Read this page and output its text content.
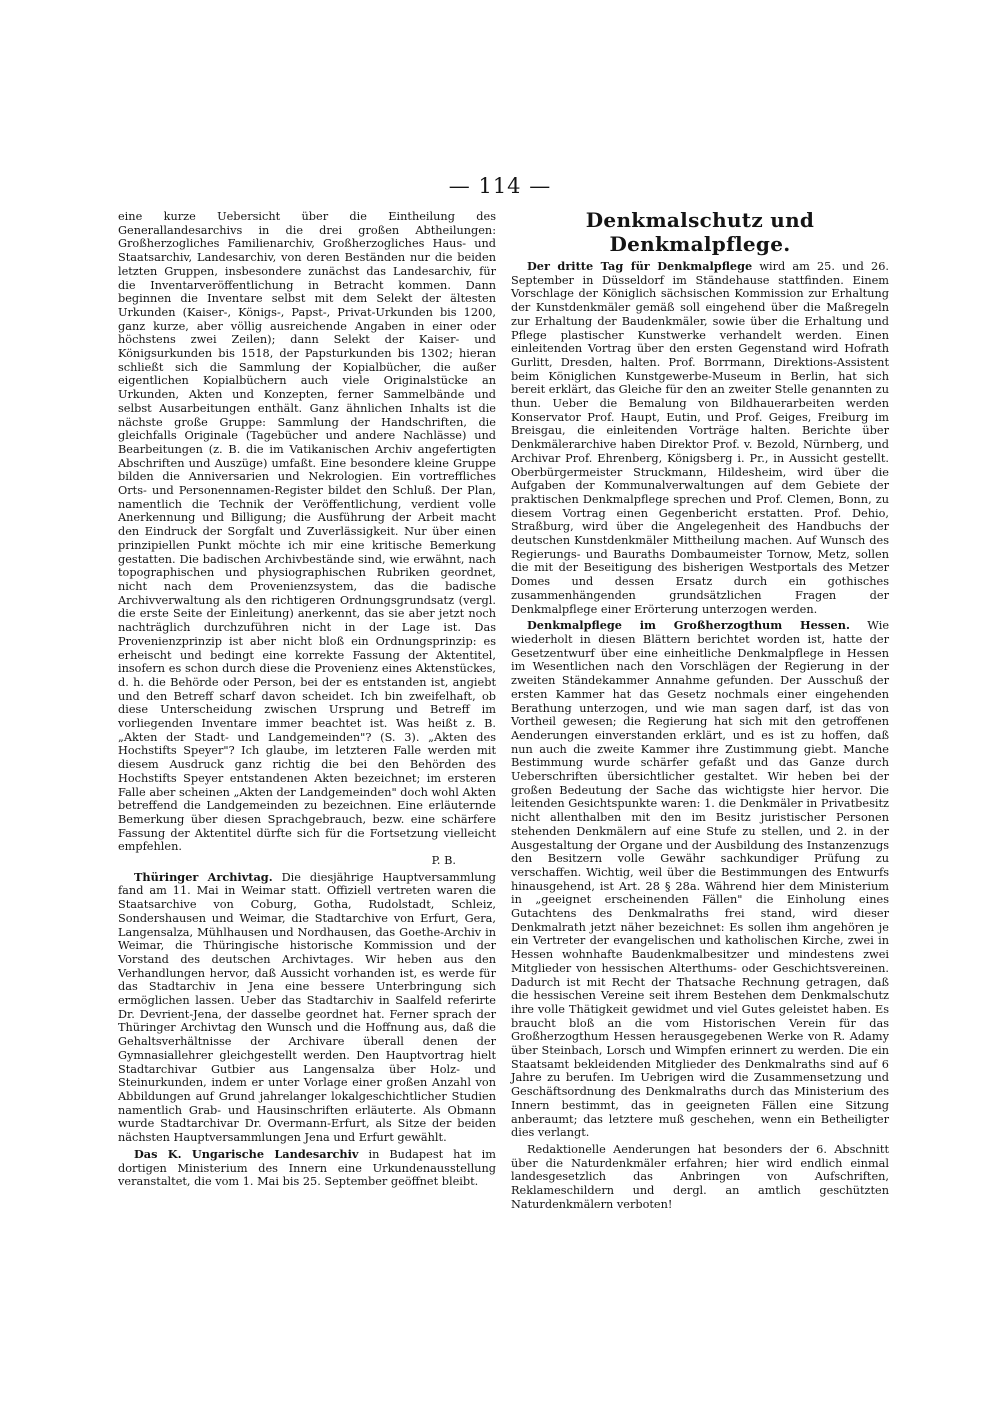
— 114 —

eine kurze Uebersicht über die Eintheilung des Generallandesarchivs in die drei großen Abtheilungen: Großherzogliches Familienarchiv, Großherzogliches Haus- und Staatsarchiv, Landesarchiv, von deren Beständen nur die beiden letzten Gruppen, insbesondere zunächst das Landesarchiv, für die Inventarveröffentlichung in Betracht kommen. Dann beginnen die Inventare selbst mit dem Selekt der ältesten Urkunden (Kaiser-, Königs-, Papst-, Privat-Urkunden bis 1200, ganz kurze, aber völlig ausreichende Angaben in einer oder höchstens zwei Zeilen); dann Selekt der Kaiser- und Königsurkunden bis 1518, der Papsturkunden bis 1302; hieran schließt sich die Sammlung der Kopialbücher, die außer eigentlichen Kopialbüchern auch viele Originalstücke an Urkunden, Akten und Konzepten, ferner Sammelbände und selbst Ausarbeitungen enthält. Ganz ähnlichen Inhalts ist die nächste große Gruppe: Sammlung der Handschriften, die gleichfalls Originale (Tagebücher und andere Nachlässe) und Bearbeitungen (z. B. die im Vatikanischen Archiv angefertigten Abschriften und Auszüge) umfaßt. Eine besondere kleine Gruppe bilden die Anniversarien und Nekrologien. Ein vortreffliches Orts- und Personennamen-Register bildet den Schluß. Der Plan, namentlich die Technik der Veröffentlichung, verdient volle Anerkennung und Billigung; die Ausführung der Arbeit macht den Eindruck der Sorgfalt und Zuverlässigkeit. Nur über einen prinzipiellen Punkt möchte ich mir eine kritische Bemerkung gestatten. Die badischen Archivbestände sind, wie erwähnt, nach topographischen und physiographischen Rubriken geordnet, nicht nach dem Provenienzsystem, das die badische Archivverwaltung als den richtigeren Ordnungsgrundsatz (vergl. die erste Seite der Einleitung) anerkennt, das sie aber jetzt noch nachträglich durchzuführen nicht in der Lage ist. Das Provenienzprinzip ist aber nicht bloß ein Ordnungsprinzip: es erheischt und bedingt eine korrekte Fassung der Aktentitel, insofern es schon durch diese die Provenienz eines Aktenstückes, d. h. die Behörde oder Person, bei der es entstanden ist, angiebt und den Betreff scharf davon scheidet. Ich bin zweifelhaft, ob diese Unterscheidung zwischen Ursprung und Betreff im vorliegenden Inventare immer beachtet ist. Was heißt z. B. „Akten der Stadt- und Landgemeinden"? (S. 3). „Akten des Hochstifts Speyer"? Ich glaube, im letzteren Falle werden mit diesem Ausdruck ganz richtig die bei den Behörden des Hochstifts Speyer entstandenen Akten bezeichnet; im ersteren Falle aber scheinen „Akten der Landgemeinden" doch wohl Akten betreffend die Landgemeinden zu bezeichnen. Eine erläuternde Bemerkung über diesen Sprachgebrauch, bezw. eine schärfere Fassung der Aktentitel dürfte sich für die Fortsetzung vielleicht empfehlen.

P. B.

Thüringer Archivtag. Die diesjährige Hauptversammlung fand am 11. Mai in Weimar statt. Offiziell vertreten waren die Staatsarchive von Coburg, Gotha, Rudolstadt, Schleiz, Sondershausen und Weimar, die Stadtarchive von Erfurt, Gera, Langensalza, Mühlhausen und Nordhausen, das Goethe-Archiv in Weimar, die Thüringische historische Kommission und der Vorstand des deutschen Archivtages. Wir heben aus den Verhandlungen hervor, daß Aussicht vorhanden ist, es werde für das Stadtarchiv in Jena eine bessere Unterbringung sich ermöglichen lassen. Ueber das Stadtarchiv in Saalfeld referirte Dr. Devrient-Jena, der dasselbe geordnet hat. Ferner sprach der Thüringer Archivtag den Wunsch und die Hoffnung aus, daß die Gehaltsverhältnisse der Archivare überall denen der Gymnasiallehrer gleichgestellt werden. Den Hauptvortrag hielt Stadtarchivar Gutbier aus Langensalza über Holz- und Steinurkunden, indem er unter Vorlage einer großen Anzahl von Abbildungen auf Grund jahrelanger lokalgeschichtlicher Studien namentlich Grab- und Hausinschriften erläuterte. Als Obmann wurde Stadtarchivar Dr. Overmann-Erfurt, als Sitze der beiden nächsten Hauptversammlungen Jena und Erfurt gewählt.

Das K. Ungarische Landesarchiv in Budapest hat im dortigen Ministerium des Innern eine Urkundenausstellung veranstaltet, die vom 1. Mai bis 25. September geöffnet bleibt.

Denkmalschutz und Denkmalpflege.

Der dritte Tag für Denkmalpflege wird am 25. und 26. September in Düsseldorf im Ständehause stattfinden. Einem Vorschlage der Königlich sächsischen Kommission zur Erhaltung der Kunstdenkmäler gemäß soll eingehend über die Maßregeln zur Erhaltung der Baudenkmäler, sowie über die Erhaltung und Pflege plastischer Kunstwerke verhandelt werden. Einen einleitenden Vortrag über den ersten Gegenstand wird Hofrath Gurlitt, Dresden, halten. Prof. Borrmann, Direktions-Assistent beim Königlichen Kunstgewerbe-Museum in Berlin, hat sich bereit erklärt, das Gleiche für den an zweiter Stelle genannten zu thun. Ueber die Bemalung von Bildhauerarbeiten werden Konservator Prof. Haupt, Eutin, und Prof. Geiges, Freiburg im Breisgau, die einleitenden Vorträge halten. Berichte über Denkmälerarchive haben Direktor Prof. v. Bezold, Nürnberg, und Archivar Prof. Ehrenberg, Königsberg i. Pr., in Aussicht gestellt. Oberbürgermeister Struckmann, Hildesheim, wird über die Aufgaben der Kommunalverwaltungen auf dem Gebiete der praktischen Denkmalpflege sprechen und Prof. Clemen, Bonn, zu diesem Vortrag einen Gegenbericht erstatten. Prof. Dehio, Straßburg, wird über die Angelegenheit des Handbuchs der deutschen Kunstdenkmäler Mittheilung machen. Auf Wunsch des Regierungs- und Bauraths Dombaumeister Tornow, Metz, sollen die mit der Beseitigung des bisherigen Westportals des Metzer Domes und dessen Ersatz durch ein gothisches zusammenhängenden grundsätzlichen Fragen der Denkmalpflege einer Erörterung unterzogen werden.

Denkmalpflege im Großherzogthum Hessen. Wie wiederholt in diesen Blättern berichtet worden ist, hatte der Gesetzentwurf über eine einheitliche Denkmalpflege in Hessen im Wesentlichen nach den Vorschlägen der Regierung in der zweiten Ständekammer Annahme gefunden. Der Ausschuß der ersten Kammer hat das Gesetz nochmals einer eingehenden Berathung unterzogen, und wie man sagen darf, ist das von Vortheil gewesen; die Regierung hat sich mit den getroffenen Aenderungen einverstanden erklärt, und es ist zu hoffen, daß nun auch die zweite Kammer ihre Zustimmung giebt. Manche Bestimmung wurde schärfer gefaßt und das Ganze durch Ueberschriften übersichtlicher gestaltet. Wir heben bei der großen Bedeutung der Sache das wichtigste hier hervor. Die leitenden Gesichtspunkte waren: 1. die Denkmäler in Privatbesitz nicht allenthalben mit den im Besitz juristischer Personen stehenden Denkmälern auf eine Stufe zu stellen, und 2. in der Ausgestaltung der Organe und der Ausbildung des Instanzenzugs den Besitzern volle Gewähr sachkundiger Prüfung zu verschaffen. Wichtig, weil über die Bestimmungen des Entwurfs hinausgehend, ist Art. 28 § 28a. Während hier dem Ministerium in „geeignet erscheinenden Fällen" die Einholung eines Gutachtens des Denkmalraths frei stand, wird dieser Denkmalrath jetzt näher bezeichnet: Es sollen ihm angehören je ein Vertreter der evangelischen und katholischen Kirche, zwei in Hessen wohnhafte Baudenkmalbesitzer und mindestens zwei Mitglieder von hessischen Alterthums- oder Geschichtsvereinen. Dadurch ist mit Recht der Thatsache Rechnung getragen, daß die hessischen Vereine seit ihrem Bestehen dem Denkmalschutz ihre volle Thätigkeit gewidmet und viel Gutes geleistet haben. Es braucht bloß an die vom Historischen Verein für das Großherzogthum Hessen herausgegebenen Werke von R. Adamy über Steinbach, Lorsch und Wimpfen erinnert zu werden. Die ein Staatsamt bekleidenden Mitglieder des Denkmalraths sind auf 6 Jahre zu berufen. Im Uebrigen wird die Zusammensetzung und Geschäftsordnung des Denkmalraths durch das Ministerium des Innern bestimmt, das in geeigneten Fällen eine Sitzung anberaumt; das letztere muß geschehen, wenn ein Betheiligter dies verlangt.

Redaktionelle Aenderungen hat besonders der 6. Abschnitt über die Naturdenkmäler erfahren; hier wird endlich einmal landesgesetzlich das Anbringen von Aufschriften, Reklameschildern und dergl. an amtlich geschützten Naturdenkmälern verboten!
